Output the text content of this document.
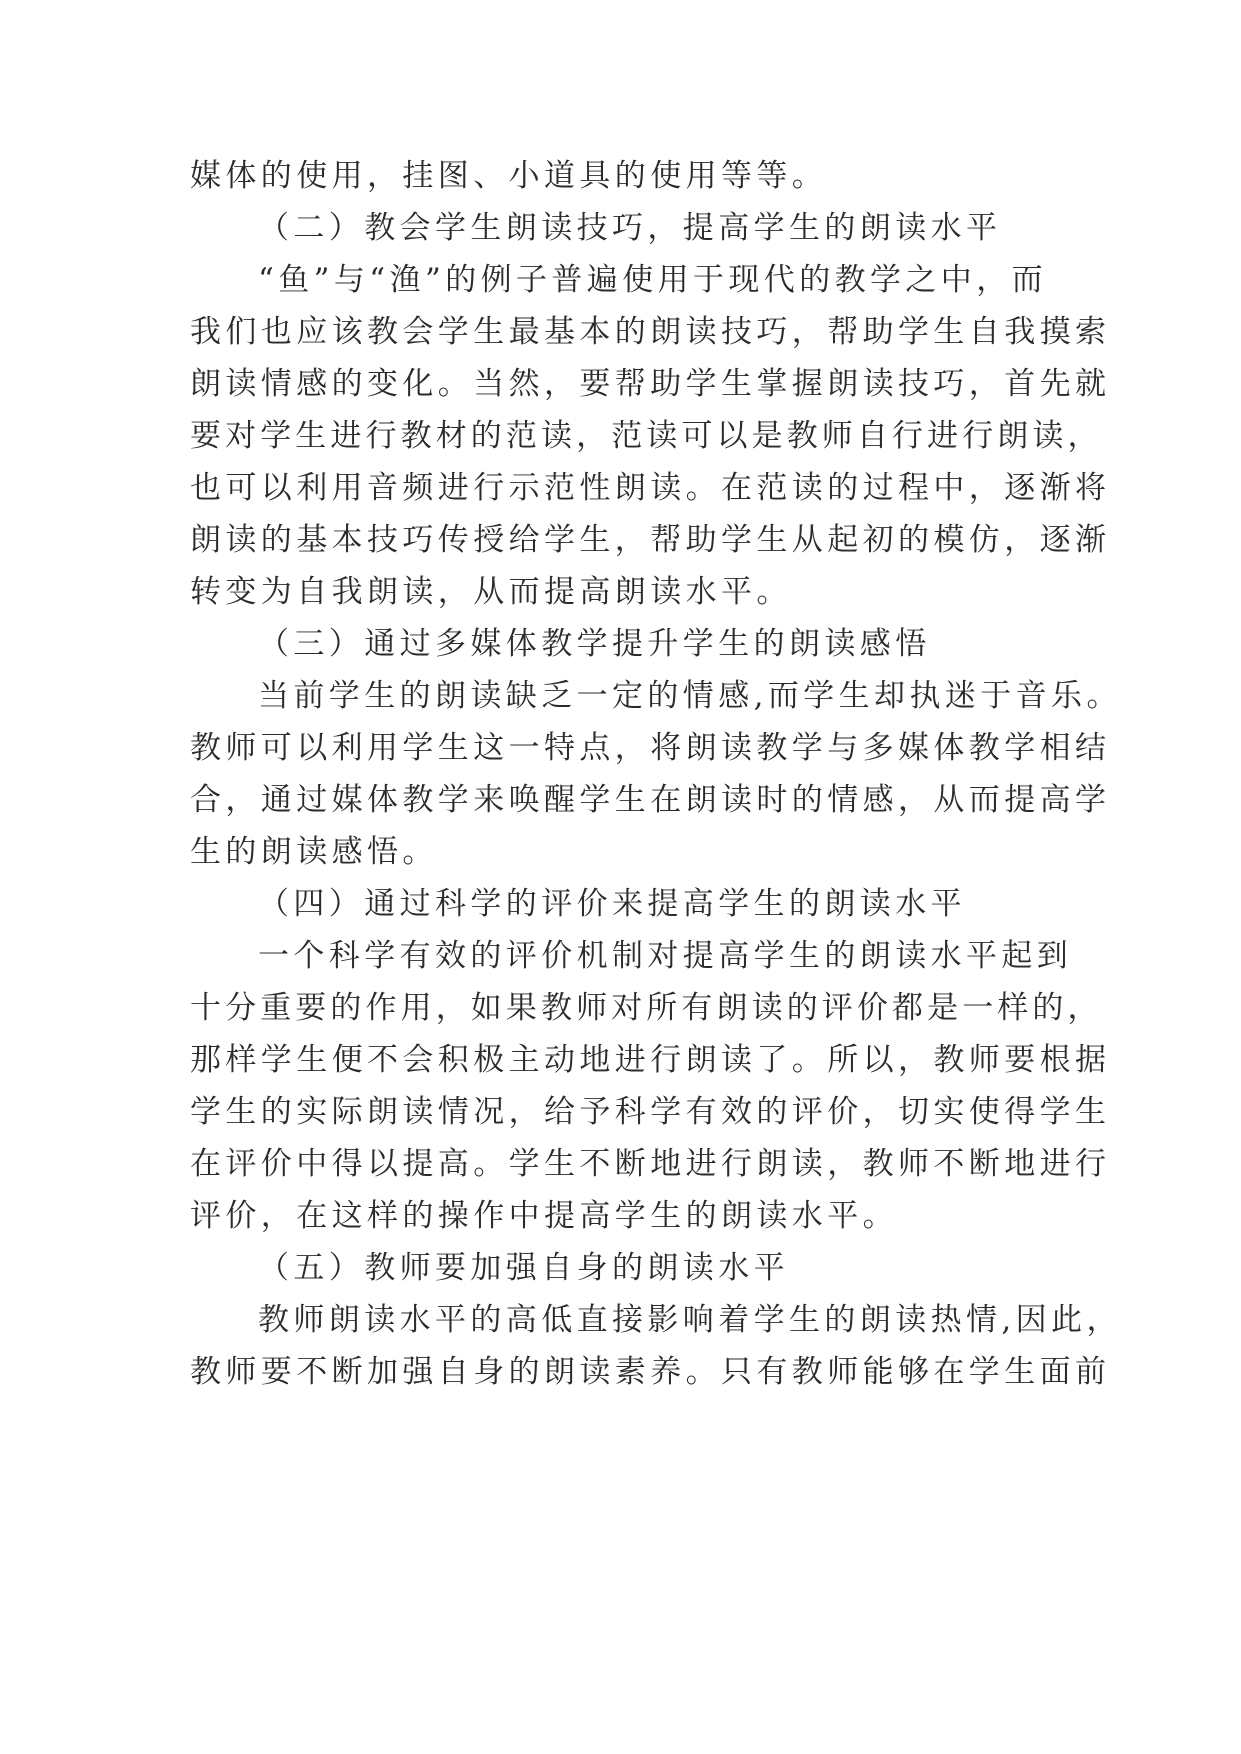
媒体的使用，挂图、小道具的使用等等。
（二）教会学生朗读技巧，提高学生的朗读水平
“鱼”与“渔”的例子普遍使用于现代的教学之中，而
我们也应该教会学生最基本的朗读技巧，帮助学生自我摸索
朗读情感的变化。当然，要帮助学生掌握朗读技巧，首先就
要对学生进行教材的范读，范读可以是教师自行进行朗读，
也可以利用音频进行示范性朗读。在范读的过程中，逐渐将
朗读的基本技巧传授给学生，帮助学生从起初的模仿，逐渐
转变为自我朗读，从而提高朗读水平。
（三）通过多媒体教学提升学生的朗读感悟
当前学生的朗读缺乏一定的情感,而学生却执迷于音乐。
教师可以利用学生这一特点，将朗读教学与多媒体教学相结
合，通过媒体教学来唤醒学生在朗读时的情感，从而提高学
生的朗读感悟。
（四）通过科学的评价来提高学生的朗读水平
一个科学有效的评价机制对提高学生的朗读水平起到
十分重要的作用，如果教师对所有朗读的评价都是一样的，
那样学生便不会积极主动地进行朗读了。所以，教师要根据
学生的实际朗读情况，给予科学有效的评价，切实使得学生
在评价中得以提高。学生不断地进行朗读，教师不断地进行
评价，在这样的操作中提高学生的朗读水平。
（五）教师要加强自身的朗读水平
教师朗读水平的高低直接影响着学生的朗读热情,因此，
教师要不断加强自身的朗读素养。只有教师能够在学生面前
